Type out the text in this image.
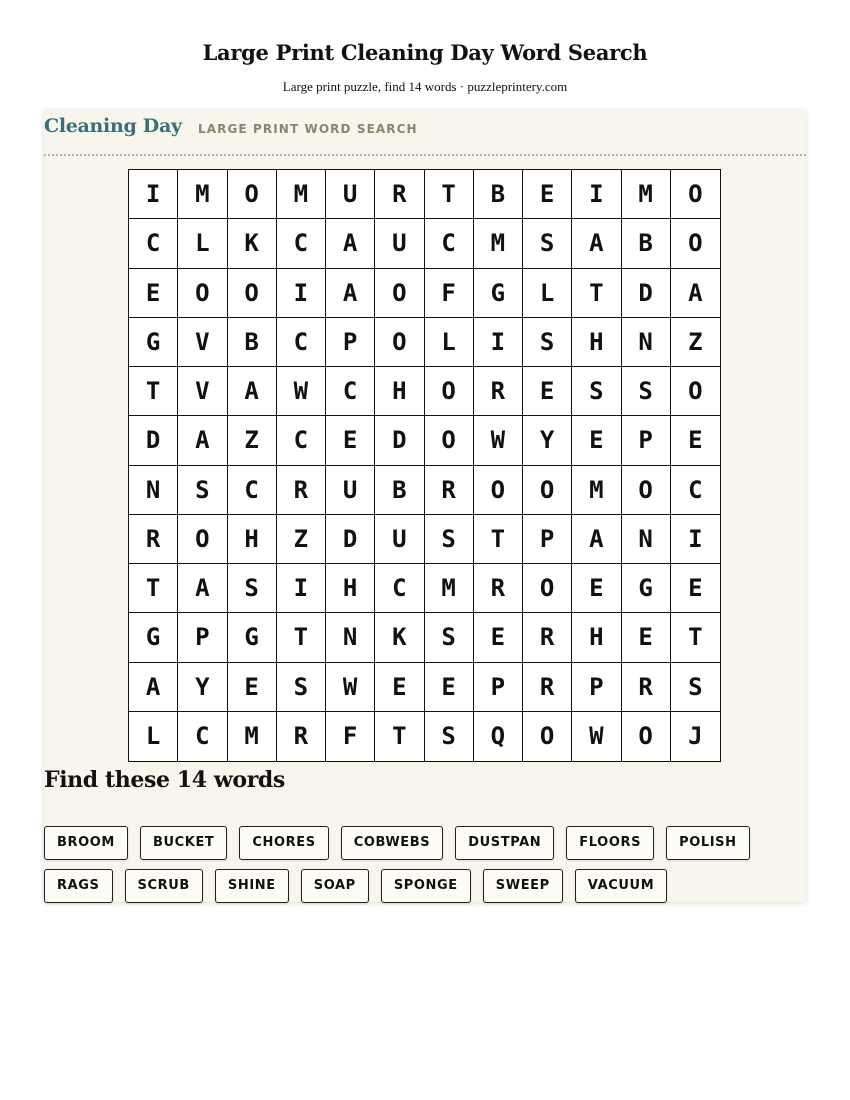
Large Print Cleaning Day Word Search

Large print puzzle, find 14 words · puzzleprintery.com

Cleaning Day LARGE PRINT WORD SEARCH
I	M	O	M	U	R	T	B	E	I	M	O
C	L	K	C	A	U	C	M	S	A	B	O
E	O	O	I	A	O	F	G	L	T	D	A
G	V	B	C	P	O	L	I	S	H	N	Z
T	V	A	W	C	H	O	R	E	S	S	O
D	A	Z	C	E	D	O	W	Y	E	P	E
N	S	C	R	U	B	R	O	O	M	O	C
R	O	H	Z	D	U	S	T	P	A	N	I
T	A	S	I	H	C	M	R	O	E	G	E
G	P	G	T	N	K	S	E	R	H	E	T
A	Y	E	S	W	E	E	P	R	P	R	S
L	C	M	R	F	T	S	Q	O	W	O	J
Find these 14 words
BROOM	BUCKET	CHORES	COBWEBS	DUSTPAN	FLOORS	POLISH
RAGS	SCRUB	SHINE	SOAP	SPONGE	SWEEP	VACUUM
